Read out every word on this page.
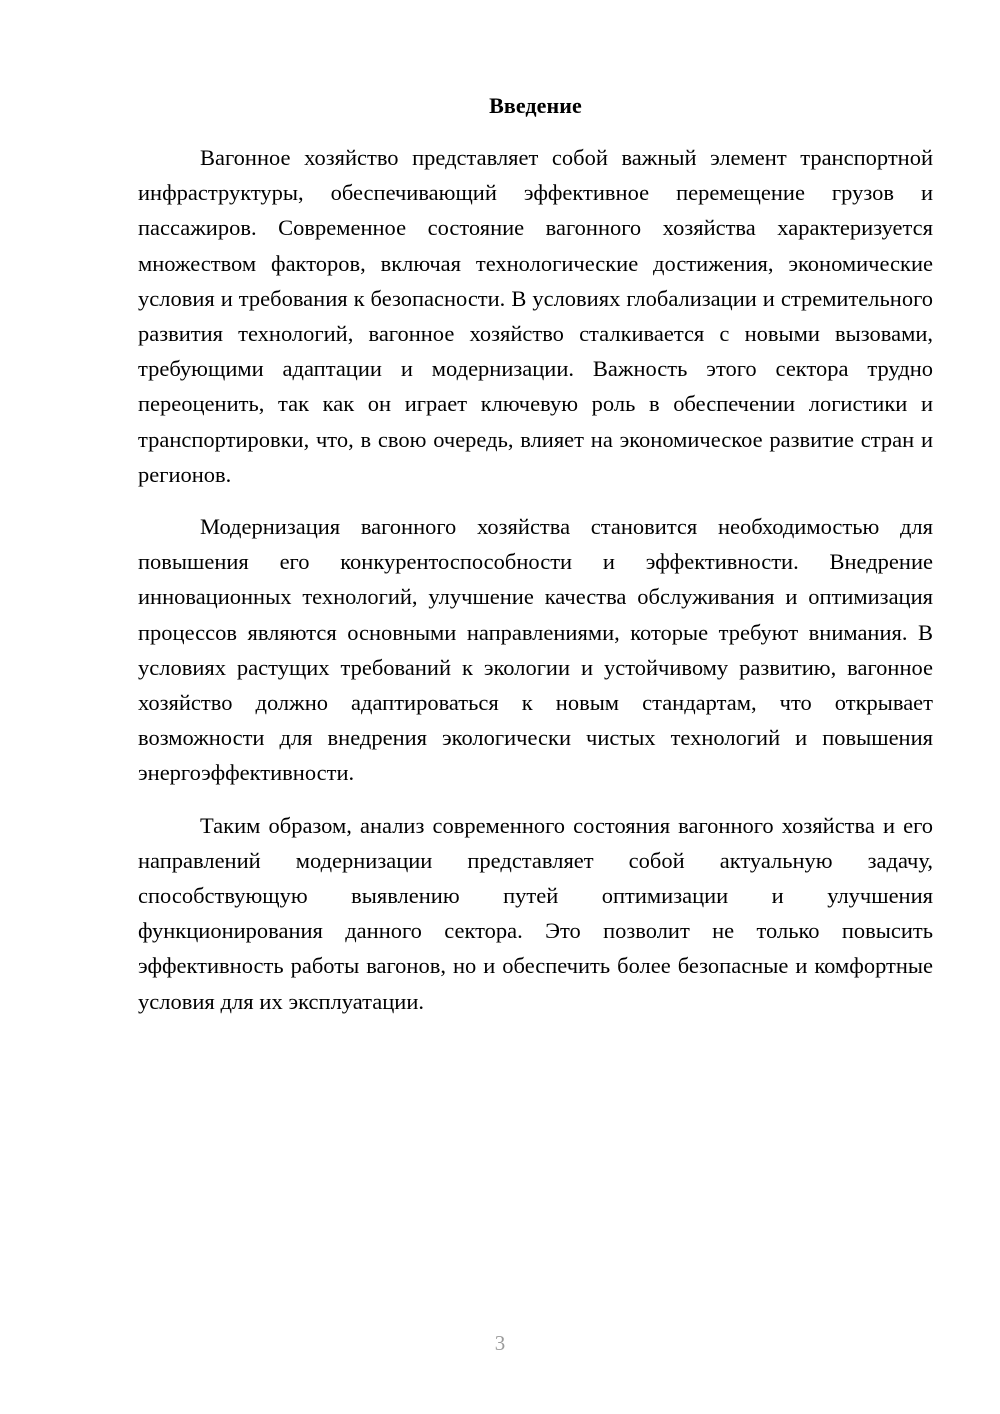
Введение

Вагонное хозяйство представляет собой важный элемент транспортной инфраструктуры, обеспечивающий эффективное перемещение грузов и пассажиров. Современное состояние вагонного хозяйства характеризуется множеством факторов, включая технологические достижения, экономические условия и требования к безопасности. В условиях глобализации и стремительного развития технологий, вагонное хозяйство сталкивается с новыми вызовами, требующими адаптации и модернизации. Важность этого сектора трудно переоценить, так как он играет ключевую роль в обеспечении логистики и транспортировки, что, в свою очередь, влияет на экономическое развитие стран и регионов.

Модернизация вагонного хозяйства становится необходимостью для повышения его конкурентоспособности и эффективности. Внедрение инновационных технологий, улучшение качества обслуживания и оптимизация процессов являются основными направлениями, которые требуют внимания. В условиях растущих требований к экологии и устойчивому развитию, вагонное хозяйство должно адаптироваться к новым стандартам, что открывает возможности для внедрения экологически чистых технологий и повышения энергоэффективности.

Таким образом, анализ современного состояния вагонного хозяйства и его направлений модернизации представляет собой актуальную задачу, способствующую выявлению путей оптимизации и улучшения функционирования данного сектора. Это позволит не только повысить эффективность работы вагонов, но и обеспечить более безопасные и комфортные условия для их эксплуатации.

3
